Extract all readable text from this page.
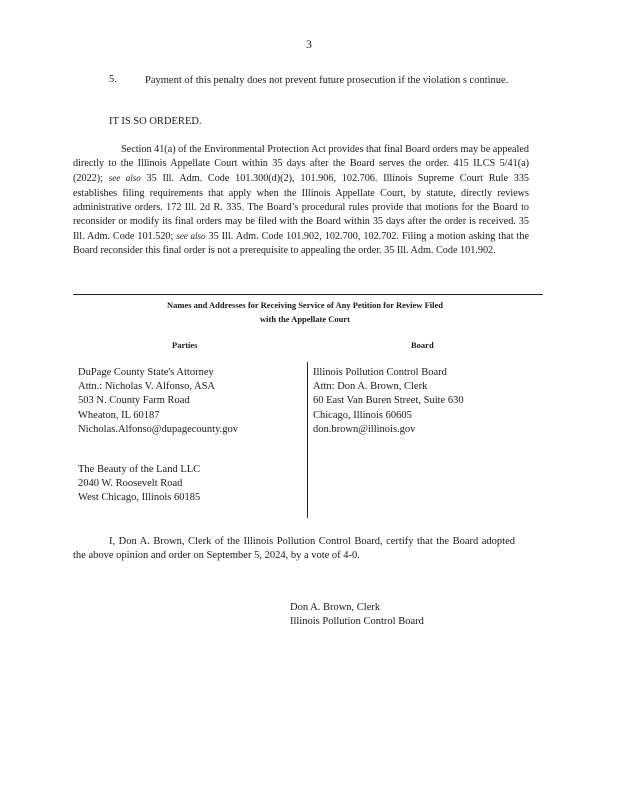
3
5.	Payment of this penalty does not prevent future prosecution if the violation s continue.
IT IS SO ORDERED.
Section 41(a) of the Environmental Protection Act provides that final Board orders may be appealed directly to the Illinois Appellate Court within 35 days after the Board serves the order. 415 ILCS 5/41(a) (2022); see also 35 Ill. Adm. Code 101.300(d)(2), 101.906, 102.706. Illinois Supreme Court Rule 335 establishes filing requirements that apply when the Illinois Appellate Court, by statute, directly reviews administrative orders. 172 Ill. 2d R. 335. The Board’s procedural rules provide that motions for the Board to reconsider or modify its final orders may be filed with the Board within 35 days after the order is received. 35 Ill. Adm. Code 101.520; see also 35 Ill. Adm. Code 101.902, 102.700, 102.702. Filing a motion asking that the Board reconsider this final order is not a prerequisite to appealing the order. 35 Ill. Adm. Code 101.902.
Names and Addresses for Receiving Service of Any Petition for Review Filed with the Appellate Court
Parties	Board
DuPage County State's Attorney
Attn.: Nicholas V. Alfonso, ASA
503 N. County Farm Road
Wheaton, IL 60187
Nicholas.Alfonso@dupagecounty.gov
The Beauty of the Land LLC
2040 W. Roosevelt Road
West Chicago, Illinois 60185
Illinois Pollution Control Board
Attn: Don A. Brown, Clerk
60 East Van Buren Street, Suite 630
Chicago, Illinois 60605
don.brown@illinois.gov
I, Don A. Brown, Clerk of the Illinois Pollution Control Board, certify that the Board adopted the above opinion and order on September 5, 2024, by a vote of 4-0.
Don A. Brown, Clerk
Illinois Pollution Control Board
